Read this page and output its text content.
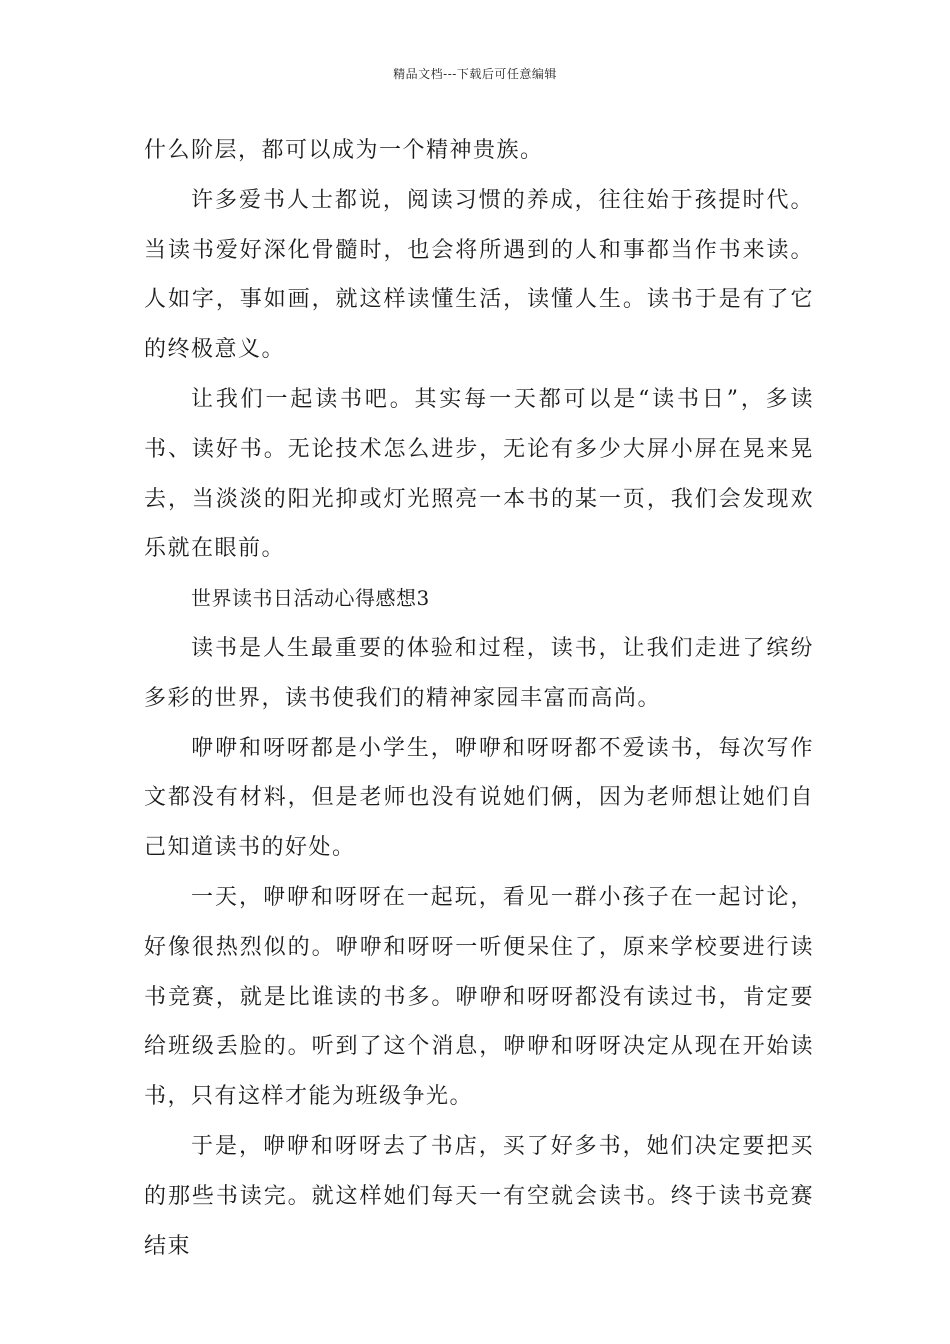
精品文档---下载后可任意编辑

什么阶层，都可以成为一个精神贵族。

许多爱书人士都说，阅读习惯的养成，往往始于孩提时代。当读书爱好深化骨髓时，也会将所遇到的人和事都当作书来读。人如字，事如画，就这样读懂生活，读懂人生。读书于是有了它的终极意义。

让我们一起读书吧。其实每一天都可以是“读书日”，多读书、读好书。无论技术怎么进步，无论有多少大屏小屏在晃来晃去，当淡淡的阳光抑或灯光照亮一本书的某一页，我们会发现欢乐就在眼前。

世界读书日活动心得感想3

读书是人生最重要的体验和过程，读书，让我们走进了缤纷多彩的世界，读书使我们的精神家园丰富而高尚。

咿咿和呀呀都是小学生，咿咿和呀呀都不爱读书，每次写作文都没有材料，但是老师也没有说她们俩，因为老师想让她们自己知道读书的好处。

一天，咿咿和呀呀在一起玩，看见一群小孩子在一起讨论，好像很热烈似的。咿咿和呀呀一听便呆住了，原来学校要进行读书竞赛，就是比谁读的书多。咿咿和呀呀都没有读过书，肯定要给班级丢脸的。听到了这个消息，咿咿和呀呀决定从现在开始读书，只有这样才能为班级争光。

于是，咿咿和呀呀去了书店，买了好多书，她们决定要把买的那些书读完。就这样她们每天一有空就会读书。终于读书竞赛结束
